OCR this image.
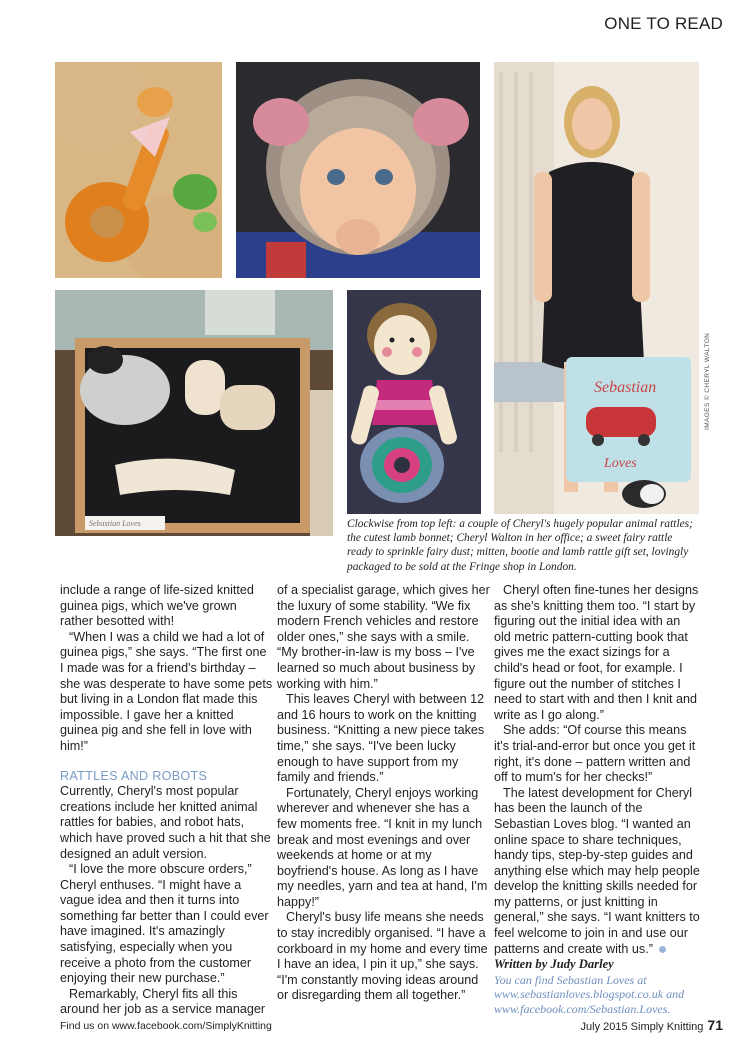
ONE TO READ
Sebastian
Loves
Sebastian Loves
IMAGES © CHERYL WALTON
Clockwise from top left: a couple of Cheryl's hugely popular animal rattles; the cutest lamb bonnet; Cheryl Walton in her office; a sweet fairy rattle ready to sprinkle fairy dust; mitten, bootie and lamb rattle gift set, lovingly packaged to be sold at the Fringe shop in London.

include a range of life-sized knitted guinea pigs, which we've grown rather besotted with!

“When I was a child we had a lot of guinea pigs,” she says. “The first one I made was for a friend's birthday – she was desperate to have some pets but living in a London flat made this impossible. I gave her a knitted guinea pig and she fell in love with him!”

RATTLES AND ROBOTS

Currently, Cheryl's most popular creations include her knitted animal rattles for babies, and robot hats, which have proved such a hit that she designed an adult version.

“I love the more obscure orders,” Cheryl enthuses. “I might have a vague idea and then it turns into something far better than I could ever have imagined. It's amazingly satisfying, especially when you receive a photo from the customer enjoying their new purchase.”

Remarkably, Cheryl fits all this around her job as a service manager

of a specialist garage, which gives her the luxury of some stability. “We fix modern French vehicles and restore older ones,” she says with a smile. “My brother-in-law is my boss – I've learned so much about business by working with him.”

This leaves Cheryl with between 12 and 16 hours to work on the knitting business. “Knitting a new piece takes time,” she says. “I've been lucky enough to have support from my family and friends.”

Fortunately, Cheryl enjoys working wherever and whenever she has a few moments free. “I knit in my lunch break and most evenings and over weekends at home or at my boyfriend's house. As long as I have my needles, yarn and tea at hand, I'm happy!”

Cheryl's busy life means she needs to stay incredibly organised. “I have a corkboard in my home and every time I have an idea, I pin it up,” she says. “I'm constantly moving ideas around or disregarding them all together.”

Cheryl often fine-tunes her designs as she's knitting them too. “I start by figuring out the initial idea with an old metric pattern-cutting book that gives me the exact sizings for a child's head or foot, for example. I figure out the number of stitches I need to start with and then I knit and write as I go along.”

She adds: “Of course this means it's trial-and-error but once you get it right, it's done – pattern written and off to mum's for her checks!”

The latest development for Cheryl has been the launch of the Sebastian Loves blog. “I wanted an online space to share techniques, handy tips, step-by-step guides and anything else which may help people develop the knitting skills needed for my patterns, or just knitting in general,” she says. “I want knitters to feel welcome to join in and use our patterns and create with us.”

Written by Judy Darley
You can find Sebastian Loves at www.sebastianloves.blogspot.co.uk and www.facebook.com/Sebastian.Loves.
Find us on www.facebook.com/SimplyKnitting	July 2015 Simply Knitting 71
